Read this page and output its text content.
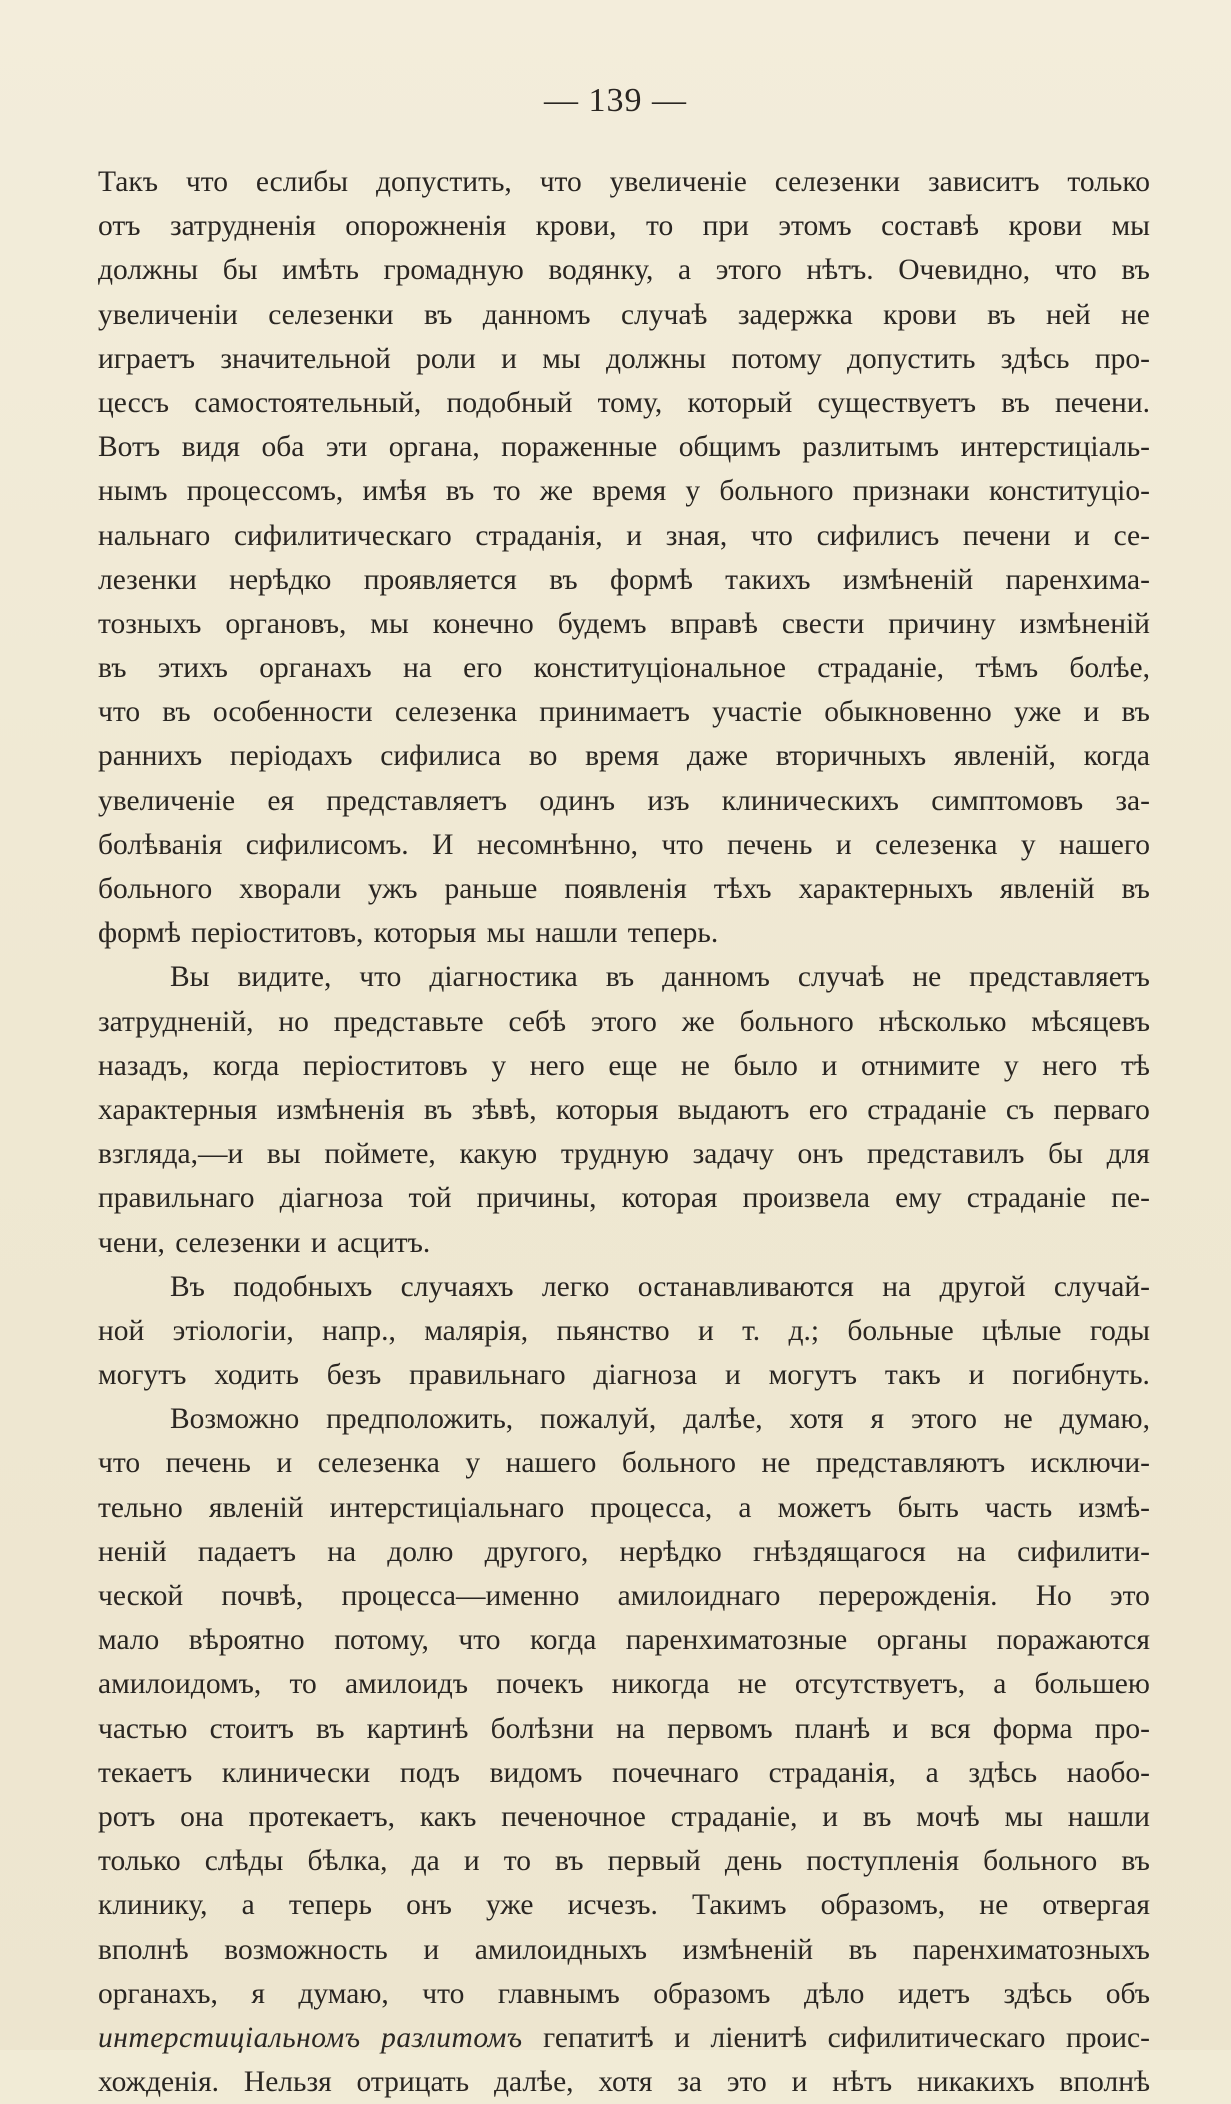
— 139 —
Такъ что еслибы допустить, что увеличенiе селезенки зависитъ только
отъ затрудненiя опорожненiя крови, то при этомъ составѣ крови мы
должны бы имѣть громадную водянку, а этого нѣтъ. Очевидно, что въ
увеличенiи селезенки въ данномъ случаѣ задержка крови въ ней не
играетъ значительной роли и мы должны потому допустить здѣсь про-
цессъ самостоятельный, подобный тому, который существуетъ въ печени.
Вотъ видя оба эти органа, пораженные общимъ разлитымъ интерстицiаль-
нымъ процессомъ, имѣя въ то же время у больного признаки конституцiо-
нальнаго сифилитическаго страданiя, и зная, что сифилисъ печени и се-
лезенки нерѣдко проявляется въ формѣ такихъ измѣненiй паренхима-
тозныхъ органовъ, мы конечно будемъ вправѣ свести причину измѣненiй
въ этихъ органахъ на его конституцiональное страданiе, тѣмъ болѣе,
что въ особенности селезенка принимаетъ участiе обыкновенно уже и въ
раннихъ перiодахъ сифилиса во время даже вторичныхъ явленiй, когда
увеличенiе ея представляетъ одинъ изъ клиническихъ симптомовъ за-
болѣванiя сифилисомъ. И несомнѣнно, что печень и селезенка у нашего
больного хворали ужъ раньше появленiя тѣхъ характерныхъ явленiй въ
формѣ перiоститовъ, которыя мы нашли теперь.
Вы видите, что дiагностика въ данномъ случаѣ не представляетъ
затрудненiй, но представьте себѣ этого же больного нѣсколько мѣсяцевъ
назадъ, когда перiоститовъ у него еще не было и отнимите у него тѣ
характерныя измѣненiя въ зѣвѣ, которыя выдаютъ его страданiе съ перваго
взгляда,—и вы поймете, какую трудную задачу онъ представилъ бы для
правильнаго дiагноза той причины, которая произвела ему страданiе пе-
чени, селезенки и асцитъ.
Въ подобныхъ случаяхъ легко останавливаются на другой случай-
ной этiологiи, напр., малярiя, пьянство и т. д.; больные цѣлые годы
могутъ ходить безъ правильнаго дiагноза и могутъ такъ и погибнуть.
Возможно предположить, пожалуй, далѣе, хотя я этого не думаю,
что печень и селезенка у нашего больного не представляютъ исключи-
тельно явленiй интерстицiальнаго процесса, а можетъ быть часть измѣ-
ненiй падаетъ на долю другого, нерѣдко гнѣздящагося на сифилити-
ческой почвѣ, процесса—именно амилоиднаго перерожденiя. Но это
мало вѣроятно потому, что когда паренхиматозные органы поражаются
амилоидомъ, то амилоидъ почекъ никогда не отсутствуетъ, а большею
частью стоитъ въ картинѣ болѣзни на первомъ планѣ и вся форма про-
текаетъ клинически подъ видомъ почечнаго страданiя, а здѣсь наобо-
ротъ она протекаетъ, какъ печеночное страданiе, и въ мочѣ мы нашли
только слѣды бѣлка, да и то въ первый день поступленiя больного въ
клинику, а теперь онъ уже исчезъ. Такимъ образомъ, не отвергая
вполнѣ возможность и амилоидныхъ измѣненiй въ паренхиматозныхъ
органахъ, я думаю, что главнымъ образомъ дѣло идетъ здѣсь объ
интерстицiальномъ разлитомъ гепатитѣ и лiенитѣ сифилитическаго проис-
хожденiя. Нельзя отрицать далѣе, хотя за это и нѣтъ никакихъ вполнѣ
